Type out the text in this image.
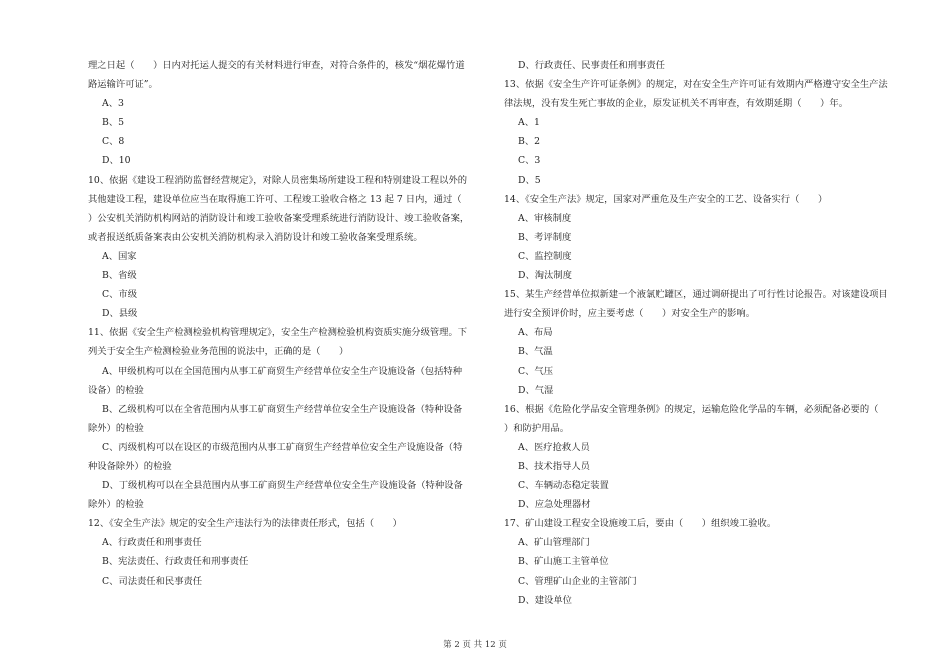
理之日起（　　）日内对托运人提交的有关材料进行审查，对符合条件的，核发“烟花爆竹道
路运输许可证”。
A、3
B、5
C、8
D、10
10、依据《建设工程消防监督经营规定》，对除人员密集场所建设工程和特别建设工程以外的
其他建设工程，建设单位应当在取得施工许可、工程竣工验收合格之 13 起 7 日内，通过（
）公安机关消防机构网站的消防设计和竣工验收备案受理系统进行消防设计、竣工验收备案，
或者报送纸质备案表由公安机关消防机构录入消防设计和竣工验收备案受理系统。
A、国家
B、省级
C、市级
D、县级
11、依据《安全生产检测检验机构管理规定》，安全生产检测检验机构资质实施分级管理。下
列关于安全生产检测检验业务范围的说法中，正确的是（　　）
A、甲级机构可以在全国范围内从事工矿商贸生产经营单位安全生产设施设备（包括特种
设备）的检验
B、乙级机构可以在全省范围内从事工矿商贸生产经营单位安全生产设施设备（特种设备
除外）的检验
C、丙级机构可以在设区的市级范围内从事工矿商贸生产经营单位安全生产设施设备（特
种设备除外）的检验
D、丁级机构可以在全县范围内从事工矿商贸生产经营单位安全生产设施设备（特种设备
除外）的检验
12、《安全生产法》规定的安全生产违法行为的法律责任形式，包括（　　）
A、行政责任和刑事责任
B、宪法责任、行政责任和刑事责任
C、司法责任和民事责任
D、行政责任、民事责任和刑事责任
13、依据《安全生产许可证条例》的规定，对在安全生产许可证有效期内严格遵守安全生产法
律法规，没有发生死亡事故的企业，原发证机关不再审查，有效期延期（　　）年。
A、1
B、2
C、3
D、5
14、《安全生产法》规定，国家对严重危及生产安全的工艺、设备实行（　　）
A、审核制度
B、考评制度
C、监控制度
D、淘汰制度
15、某生产经营单位拟新建一个液氯贮罐区，通过调研提出了可行性讨论报告。对该建设项目
进行安全预评价时，应主要考虑（　　）对安全生产的影响。
A、布局
B、气温
C、气压
D、气湿
16、根据《危险化学品安全管理条例》的规定，运输危险化学品的车辆，必须配备必要的（
）和防护用品。
A、医疗抢救人员
B、技术指导人员
C、车辆动态稳定装置
D、应急处理器材
17、矿山建设工程安全设施竣工后，要由（　　）组织竣工验收。
A、矿山管理部门
B、矿山施工主管单位
C、管理矿山企业的主管部门
D、建设单位
第 2 页 共 12 页
